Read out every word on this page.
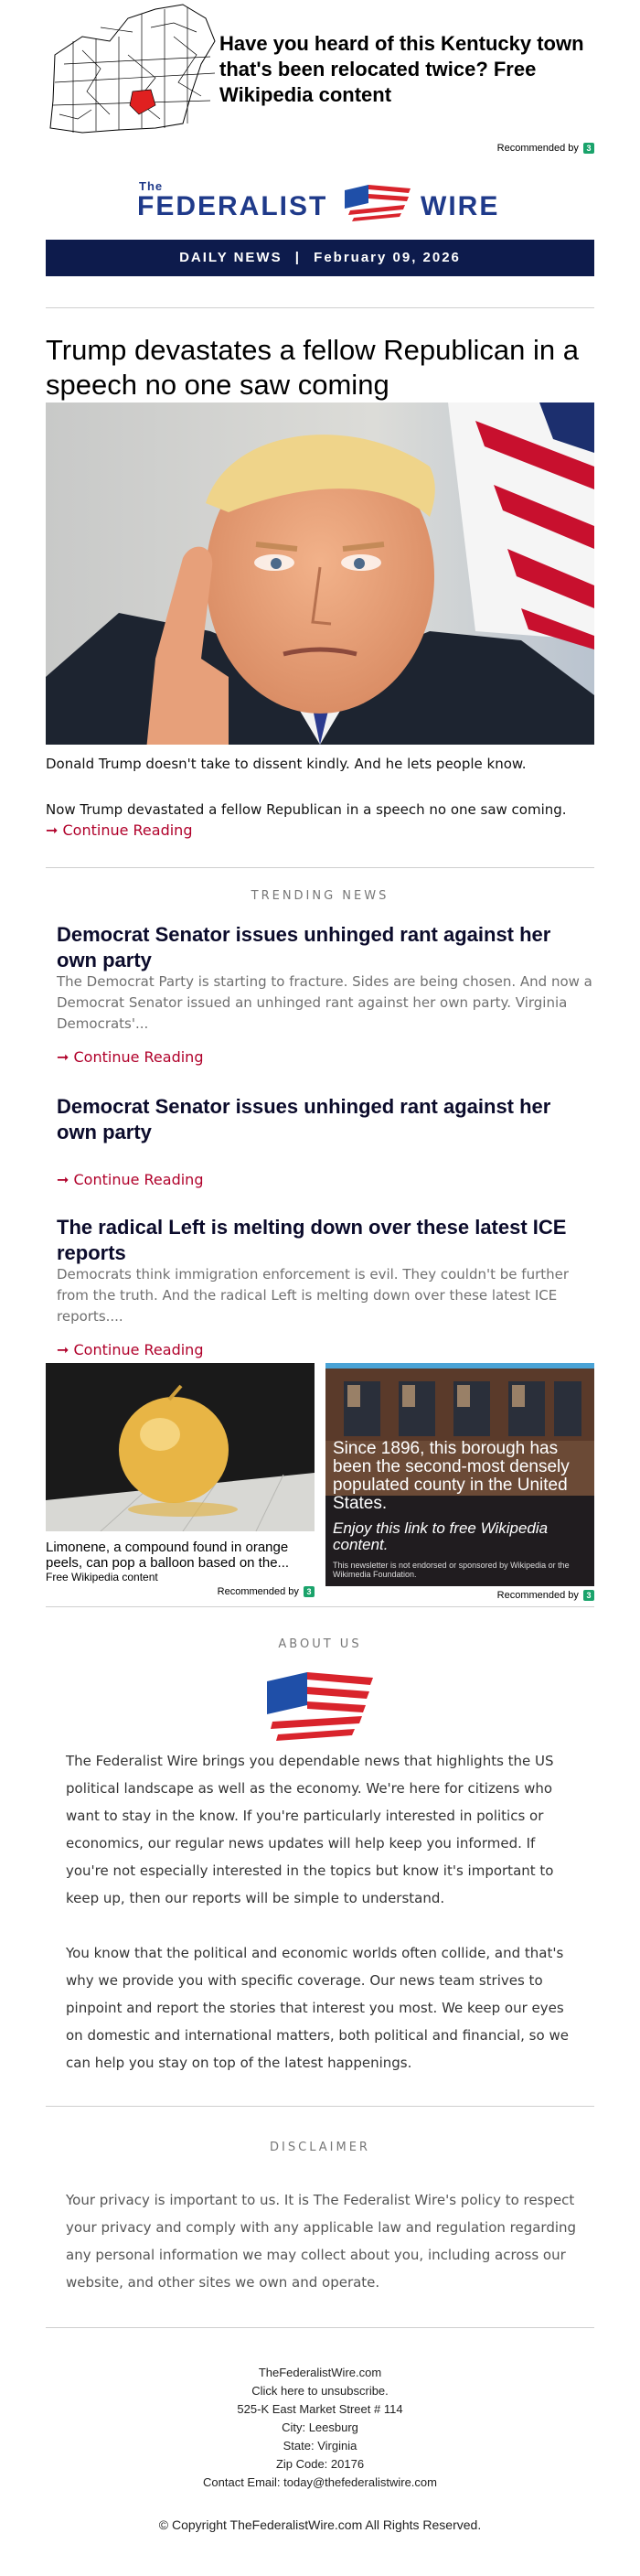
Have you heard of this Kentucky town that's been relocated twice? Free Wikipedia content
Recommended by 3
The
FEDERALIST	WIRE
DAILY NEWS | February 09, 2026
Trump devastates a fellow Republican in a speech no one saw coming
Donald Trump doesn't take to dissent kindly. And he lets people know.
Now Trump devastated a fellow Republican in a speech no one saw coming.
➞ Continue Reading
TRENDING NEWS
Democrat Senator issues unhinged rant against her own party
The Democrat Party is starting to fracture. Sides are being chosen. And now a Democrat Senator issued an unhinged rant against her own party. Virginia Democrats'...
➞ Continue Reading
Democrat Senator issues unhinged rant against her own party
➞ Continue Reading
The radical Left is melting down over these latest ICE reports
Democrats think immigration enforcement is evil. They couldn't be further from the truth. And the radical Left is melting down over these latest ICE reports....
➞ Continue Reading
Limonene, a compound found in orange peels, can pop a balloon based on the...
Free Wikipedia content
Recommended by 3
Since 1896, this borough has been the second-most densely populated county in the United States.
Enjoy this link to free Wikipedia content.
This newsletter is not endorsed or sponsored by Wikipedia or the Wikimedia Foundation.
Recommended by 3
ABOUT US
The Federalist Wire brings you dependable news that highlights the US political landscape as well as the economy. We're here for citizens who want to stay in the know. If you're particularly interested in politics or economics, our regular news updates will help keep you informed. If you're not especially interested in the topics but know it's important to keep up, then our reports will be simple to understand.
You know that the political and economic worlds often collide, and that's why we provide you with specific coverage. Our news team strives to pinpoint and report the stories that interest you most. We keep our eyes on domestic and international matters, both political and financial, so we can help you stay on top of the latest happenings.
DISCLAIMER
Your privacy is important to us. It is The Federalist Wire's policy to respect your privacy and comply with any applicable law and regulation regarding any personal information we may collect about you, including across our website, and other sites we own and operate.
TheFederalistWire.com
Click here to unsubscribe.
525-K East Market Street # 114
City: Leesburg
State: Virginia
Zip Code: 20176
Contact Email: today@thefederalistwire.com
© Copyright TheFederalistWire.com All Rights Reserved.
